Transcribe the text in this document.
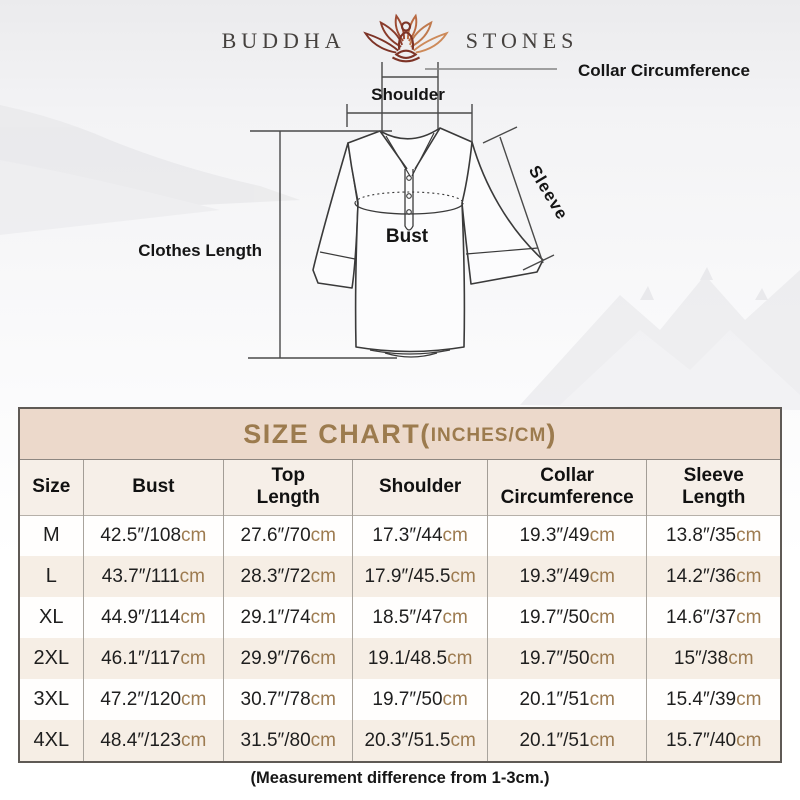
BUDDHA	STONES
Collar Circumference
Shoulder
Sleeve
Bust
Clothes Length
SIZE CHART( INCHES/CM )
Size	Bust	Top Length	Shoulder	Collar Circumference	Sleeve Length
M	42.5″/108cm	27.6″/70cm	17.3″/44cm	19.3″/49cm	13.8″/35cm
L	43.7″/111cm	28.3″/72cm	17.9″/45.5cm	19.3″/49cm	14.2″/36cm
XL	44.9″/114cm	29.1″/74cm	18.5″/47cm	19.7″/50cm	14.6″/37cm
2XL	46.1″/117cm	29.9″/76cm	19.1/48.5cm	19.7″/50cm	15″/38cm
3XL	47.2″/120cm	30.7″/78cm	19.7″/50cm	20.1″/51cm	15.4″/39cm
4XL	48.4″/123cm	31.5″/80cm	20.3″/51.5cm	20.1″/51cm	15.7″/40cm
(Measurement difference from 1-3cm.)
